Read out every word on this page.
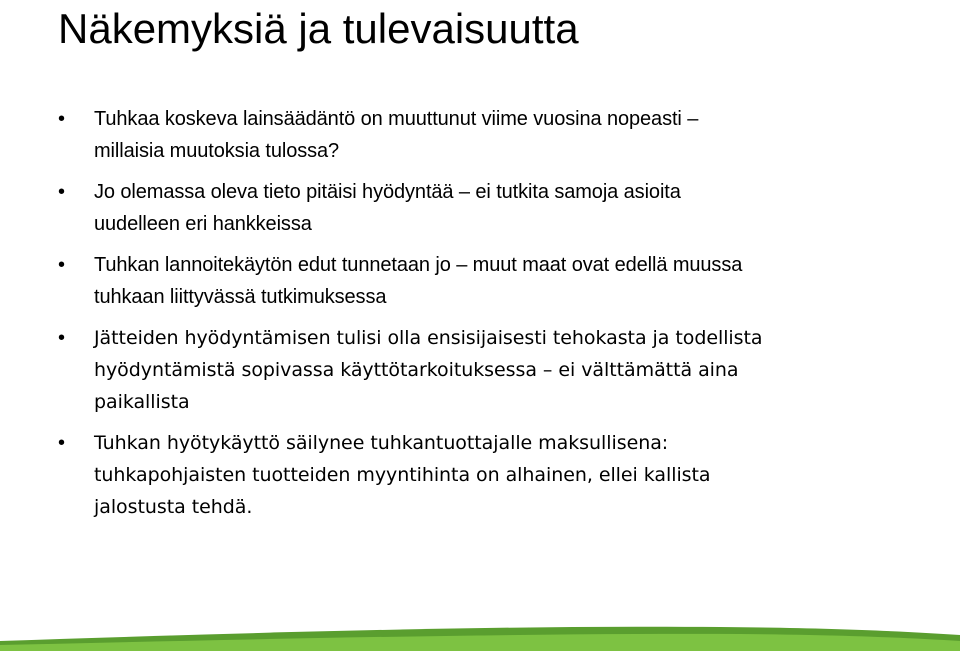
Näkemyksiä ja tulevaisuutta
• Tuhkaa koskeva lainsäädäntö on muuttunut viime vuosina nopeasti –
millaisia muutoksia tulossa?
• Jo olemassa oleva tieto pitäisi hyödyntää – ei tutkita samoja asioita
uudelleen eri hankkeissa
• Tuhkan lannoitekäytön edut tunnetaan jo – muut maat ovat edellä muussa
tuhkaan liittyvässä tutkimuksessa
• Jätteiden hyödyntämisen tulisi olla ensisijaisesti tehokasta ja todellista
hyödyntämistä sopivassa käyttötarkoituksessa – ei välttämättä aina
paikallista
• Tuhkan hyötykäyttö säilynee tuhkantuottajalle maksullisena:
tuhkapohjaisten tuotteiden myyntihinta on alhainen, ellei kallista
jalostusta tehdä.
